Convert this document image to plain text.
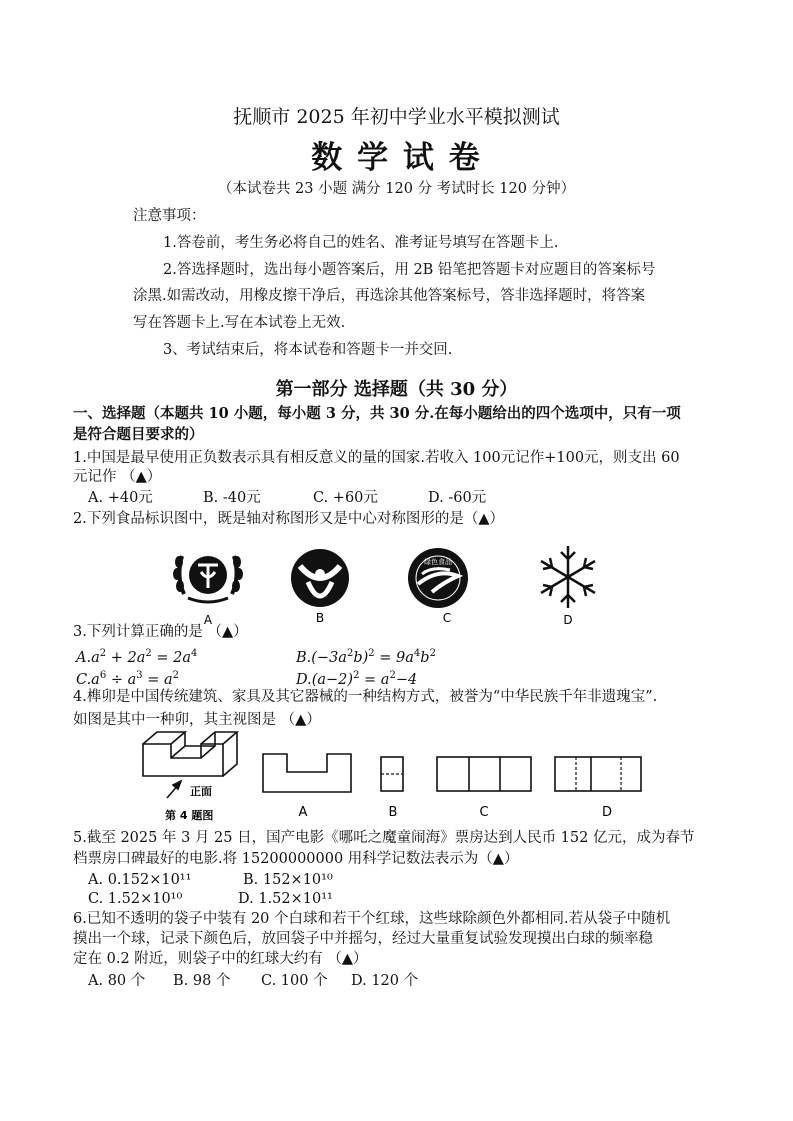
抚顺市 2025 年初中学业水平模拟测试
数 学 试 卷
（本试卷共 23 小题 满分 120 分 考试时长 120 分钟）
注意事项：
1.答卷前，考生务必将自己的姓名、准考证号填写在答题卡上.
2.答选择题时，选出每小题答案后，用 2B 铅笔把答题卡对应题目的答案标号
涂黑.如需改动，用橡皮擦干净后，再选涂其他答案标号，答非选择题时，将答案
写在答题卡上.写在本试卷上无效.
3、考试结束后，将本试卷和答题卡一并交回.
第一部分 选择题（共 30 分）
一、选择题（本题共 10 小题，每小题 3 分，共 30 分.在每小题给出的四个选项中，只有一项
是符合题目要求的）
1.中国是最早使用正负数表示具有相反意义的量的国家.若收入 100元记作+100元，则支出 60
元记作 （▲）
A. +40元	B. -40元	C. +60元	D. -60元
2.下列食品标识图中，既是轴对称图形又是中心对称图形的是（▲）
绿色食品
A	B	C	D
3.下列计算正确的是 （▲）
$A.a^2 + 2a^2 = 2a^4$	$B.(-3a^2b)^2 = 9a^4b^2$
$C.a^6 \div a^3 = a^2$	$D.(a-2)^2 = a^2-4$
4.榫卯是中国传统建筑、家具及其它器械的一种结构方式，被誉为“中华民族千年非遗瑰宝”.
如图是其中一种卯，其主视图是 （▲）
正面
第 4 题图	A	B	C	D
5.截至 2025 年 3 月 25 日，国产电影《哪吒之魔童闹海》票房达到人民币 152 亿元，成为春节
档票房口碑最好的电影.将 15200000000 用科学记数法表示为（▲）
A. 0.152×10¹¹	B. 152×10¹⁰
C. 1.52×10¹⁰	D. 1.52×10¹¹
6.已知不透明的袋子中装有 20 个白球和若干个红球，这些球除颜色外都相同.若从袋子中随机
摸出一个球，记录下颜色后，放回袋子中并摇匀，经过大量重复试验发现摸出白球的频率稳
定在 0.2 附近，则袋子中的红球大约有 （▲）
A. 80 个 B. 98 个 C. 100 个 D. 120 个
